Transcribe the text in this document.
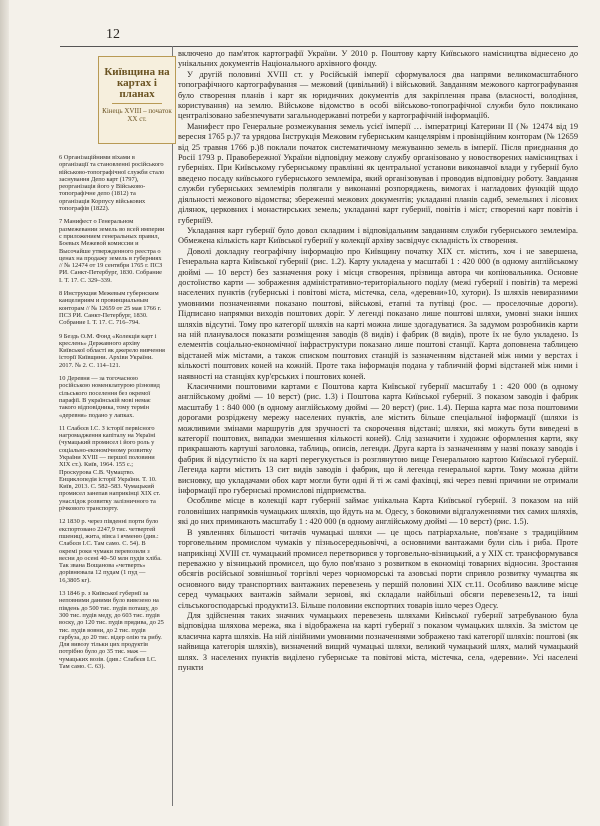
12
Київщина на картах і планах
Кінець XVIII – початок XX ст.

6 Організаційними віхами в організації та становленні російського військово-топографічної служби стало заснування Депо карт (1797), реорганізація його у Військово-топографічне депо (1812) та організація Корпусу військових топографів (1822).

7 Манифест о Генеральном размежевании земель во всей империи с приложением генеральных правил, Боевых Межевой комиссии и Высочайше утвержденного реестра о ценах на продажу земель в губерниях // № 12474 от 19 сентября 1765 г. ПСЗ РИ. Санкт-Петербург, 1830. Собрание I. Т. 17. С. 329–339.

8 Инструкция Межевым губернским канцеляриям и провинциальным конторам // № 12659 от 25 мая 1766 г. ПСЗ РИ. Санкт-Петербург, 1830. Собрание I. Т. 17. С. 716–794.

9 Бездь О.М. Фонд «Колекція карт і креслень» Державного архіву Київської області як джерело вивчення історії Київщини. Архіви України. 2017. № 2. С. 114–121.

10 Деревня — за тогочасною російською номенклатурою різновид сільського поселення без окремої парафії. В українській мові немає такого відповідника, тому термін «деревня» подано у лапках.

11 Слабєєв І.С. З історії первісного нагромадження капіталу на Україні (чумацький промисел і його роль у соціально-економічному розвитку України XVIII — першої половини XIX ст.). Київ, 1964. 155 с.; Проскурова С.В. Чумацтво. Енциклопедія історії України. Т. 10. Київ, 2013. С. 582–583. Чумацький промисел занепав наприкінці XIX ст. унаслідок розвитку залізничного та річкового транспорту.

12 1830 р. через південні порти було експортовано 2247,9 тис. четвертей пшениці, жита, вівса і ячменю (див.: Слабєєв І.С. Там само. С. 54). В окремі роки чумаки перевозили з весни до осені 40–50 млн пудів хліба. Так звана Вощанова «четверть» дорівнювала 12 пудам (1 пуд — 16,3805 кг).

13 1846 р. з Київської губернії за неповними даними було вивезено на південь до 500 тис. пудів поташу, до 300 тис. пудів меду, до 603 тис. пудів воску, до 120 тис. пудів прядива, до 25 тис. пудів вовни, до 2 тис. пудів гарбуза, до 20 тис. відер олію та рибу. Для вивозу тільки цих продуктів потрібно було до 35 тис. маж — чумацьких возів. (див.: Слабєєв І.С. Там само. С. 63).

включено до пам'яток картографії України. У 2010 р. Поштову карту Київського намісництва віднесено до унікальних документів Національного архівного фонду.

У другій половині XVIII ст. у Російській імперії сформувалося два напрями великомасштабного топографічного картографування — межовий (цивільний) і військовий. Завданням межового картографування було створення планів і карт як юридичних документів для закріплення права (власності, володіння, користування) на землю. Військове відомство в особі військово-топографічної служби було покликано централізовано забезпечувати загальнодержавні потреби у картографічній інформації6.

Манифест про Генеральне розмежування земель усієї імперії … імператриці Катерини ІІ (№ 12474 від 19 вересня 1765 р.)7 та урядова Інструкція Межовим губернським канцеляріям і провінційним конторам (№ 12659 від 25 травня 1766 р.)8 поклали початок систематичному межуванню земель в імперії. Після приєднання до Росії 1793 р. Правобережної України відповідну межову службу організовано у новостворених намісництвах і губерніях. При Київському губернському правлінні як центральної установи виконавчої влади у губернії було введено посаду київського губернського землеміра, який організовував і проводив відповідну роботу. Завдання служби губернських землемірів полягали у виконанні розпоряджень, вимогах і нагладових функцій щодо діяльності межового відомства; збереженні межових документів; укладанні планів садиб, земельних і лісових ділянок, церковних і монастирських земель; укладанні карт губернії, повітів і міст; створенні карт повітів і губернії9.

Укладання карт губернії було довол складним і відповідальним завданням служби губернського землеміра. Обмежена кількість карт Київської губернії у колекції архіву засвідчує складність їх створення.

Доволі докладну географічну інформацію про Київщину початку XIX ст. містить, хоч і не завершена, Генеральна карта Київської губернії (рис. 1.2). Карту укладена у масштабі 1 : 420 000 (в одному англійському дюймі — 10 верст) без зазначення року і місця створення, прізвища автора чи копіювальника. Основне достоїнство карти — зображення адміністративно-територіального поділу (межі губернії і повітів) та мережі населених пунктів (губернські і повітові міста, містечка, села, «деревни»10, хутори). Із шляхів невиразними умовними позначеннями показано поштові, військові, етапні та путівці (рос. — проселочные дороги). Підписано напрямки виходів поштових доріг. У легенді показано лише поштові шляхи, умовні знаки інших шляхів відсутні. Тому про категорії шляхів на карті можна лише здогадуватися. За задумом розробників карти на ній планувалося показати розміщення заводів (8 видів) і фабрик (8 видів), проте їх не було укладено. Із елементів соціально-економічної інфраструктури показано лише поштові станції. Карта доповнена таблицею відстаней між містами, а також списком поштових станцій із зазначенням відстаней між ними у верстах і кількості поштових коней на кожній. Проте така інформація подана у табличній формі відстаней між ними і наявності на станціях кур'єрських і поштових коней.

Класичними поштовими картами є Поштова карта Київської губернії масштабу 1 : 420 000 (в одному англійському дюймі — 10 верст) (рис. 1.3) і Поштова карта Київської губернії. З показом заводів і фабрик масштабу 1 : 840 000 (в одному англійському дюймі — 20 верст) (рис. 1.4). Перша карта має поза поштовими дорогами розріджену мережу населених пунктів, але містить більше спеціальної інформації (шляхи із можливими змінами маршрутів для зручності та скорочення відстані; шляхи, які можуть бути виведені в категорії поштових, випадки зменшення кількості коней). Слід зазначити і художнє оформлення карти, яку прикрашають картуші заголовка, таблиць, описів, легенди. Друга карта із зазначенням у назві показу заводів і фабрик й відсутністю їх на карті перегукується із розглянутою вище Генеральною картою Київської губернії. Легенда карти містить 13 сит видів заводів і фабрик, що й легенда генеральної карти. Тому можна дійти висновку, що укладачами обох карт могли бути одні й ті ж самі фахівці, які через певні причини не отримали інформації про губернські промислові підприємства.

Особливе місце в колекції карт губернії займає унікальна Карта Київської губернії. З показом на ній головніших напрямків чумацьких шляхів, що йдуть на м. Одесу, з боковими відгалуженнями тих самих шляхів, які до них примикають масштабу 1 : 420 000 (в одному англійському дюймі — 10 верст) (рис. 1.5).

В уявленнях більшості читачів чумацькі шляхи — це щось патріархальне, пов'язане з традиційним торговельним промислом чумаків у пізньосередньовіччі, а основними вантажами були сіль і риба. Проте наприкінці XVIII ст. чумацький промисел перетворився у торговельно-візницький, а у XIX ст. трансформувався переважно у візницький промисел, що було пов'язано з розвитком в економіці товарних відносин. Зростання обсягів російської зовнішньої торгівлі через чорноморські та азовські порти сприяло розвитку чумацтва як основного виду транспортних вантажних перевезень у першій половині XIX ст.11. Особливо важливе місце серед чумацьких вантажів займали зернові, які складали найбільші обсяги перевезень12, та інші сільськогосподарські продукти13. Більше половини експортних товарів ішло через Одесу.

Для здійснення таких значних чумацьких перевезень шляхами Київської губернії затребуваною була відповідна шляхова мережа, яка і відображена на карті губернії з показом чумацьких шляхів. За змістом це класична карта шляхів. На ній лінійними умовними позначеннями зображено такі категорії шляхів: поштові (як найвища категорія шляхів), визначений вищий чумацькі шляхи, великий чумацький шлях, малий чумацький шлях. З населених пунктів виділено губернське та повітові міста, містечка, села, «деревни». Усі населені пункти
